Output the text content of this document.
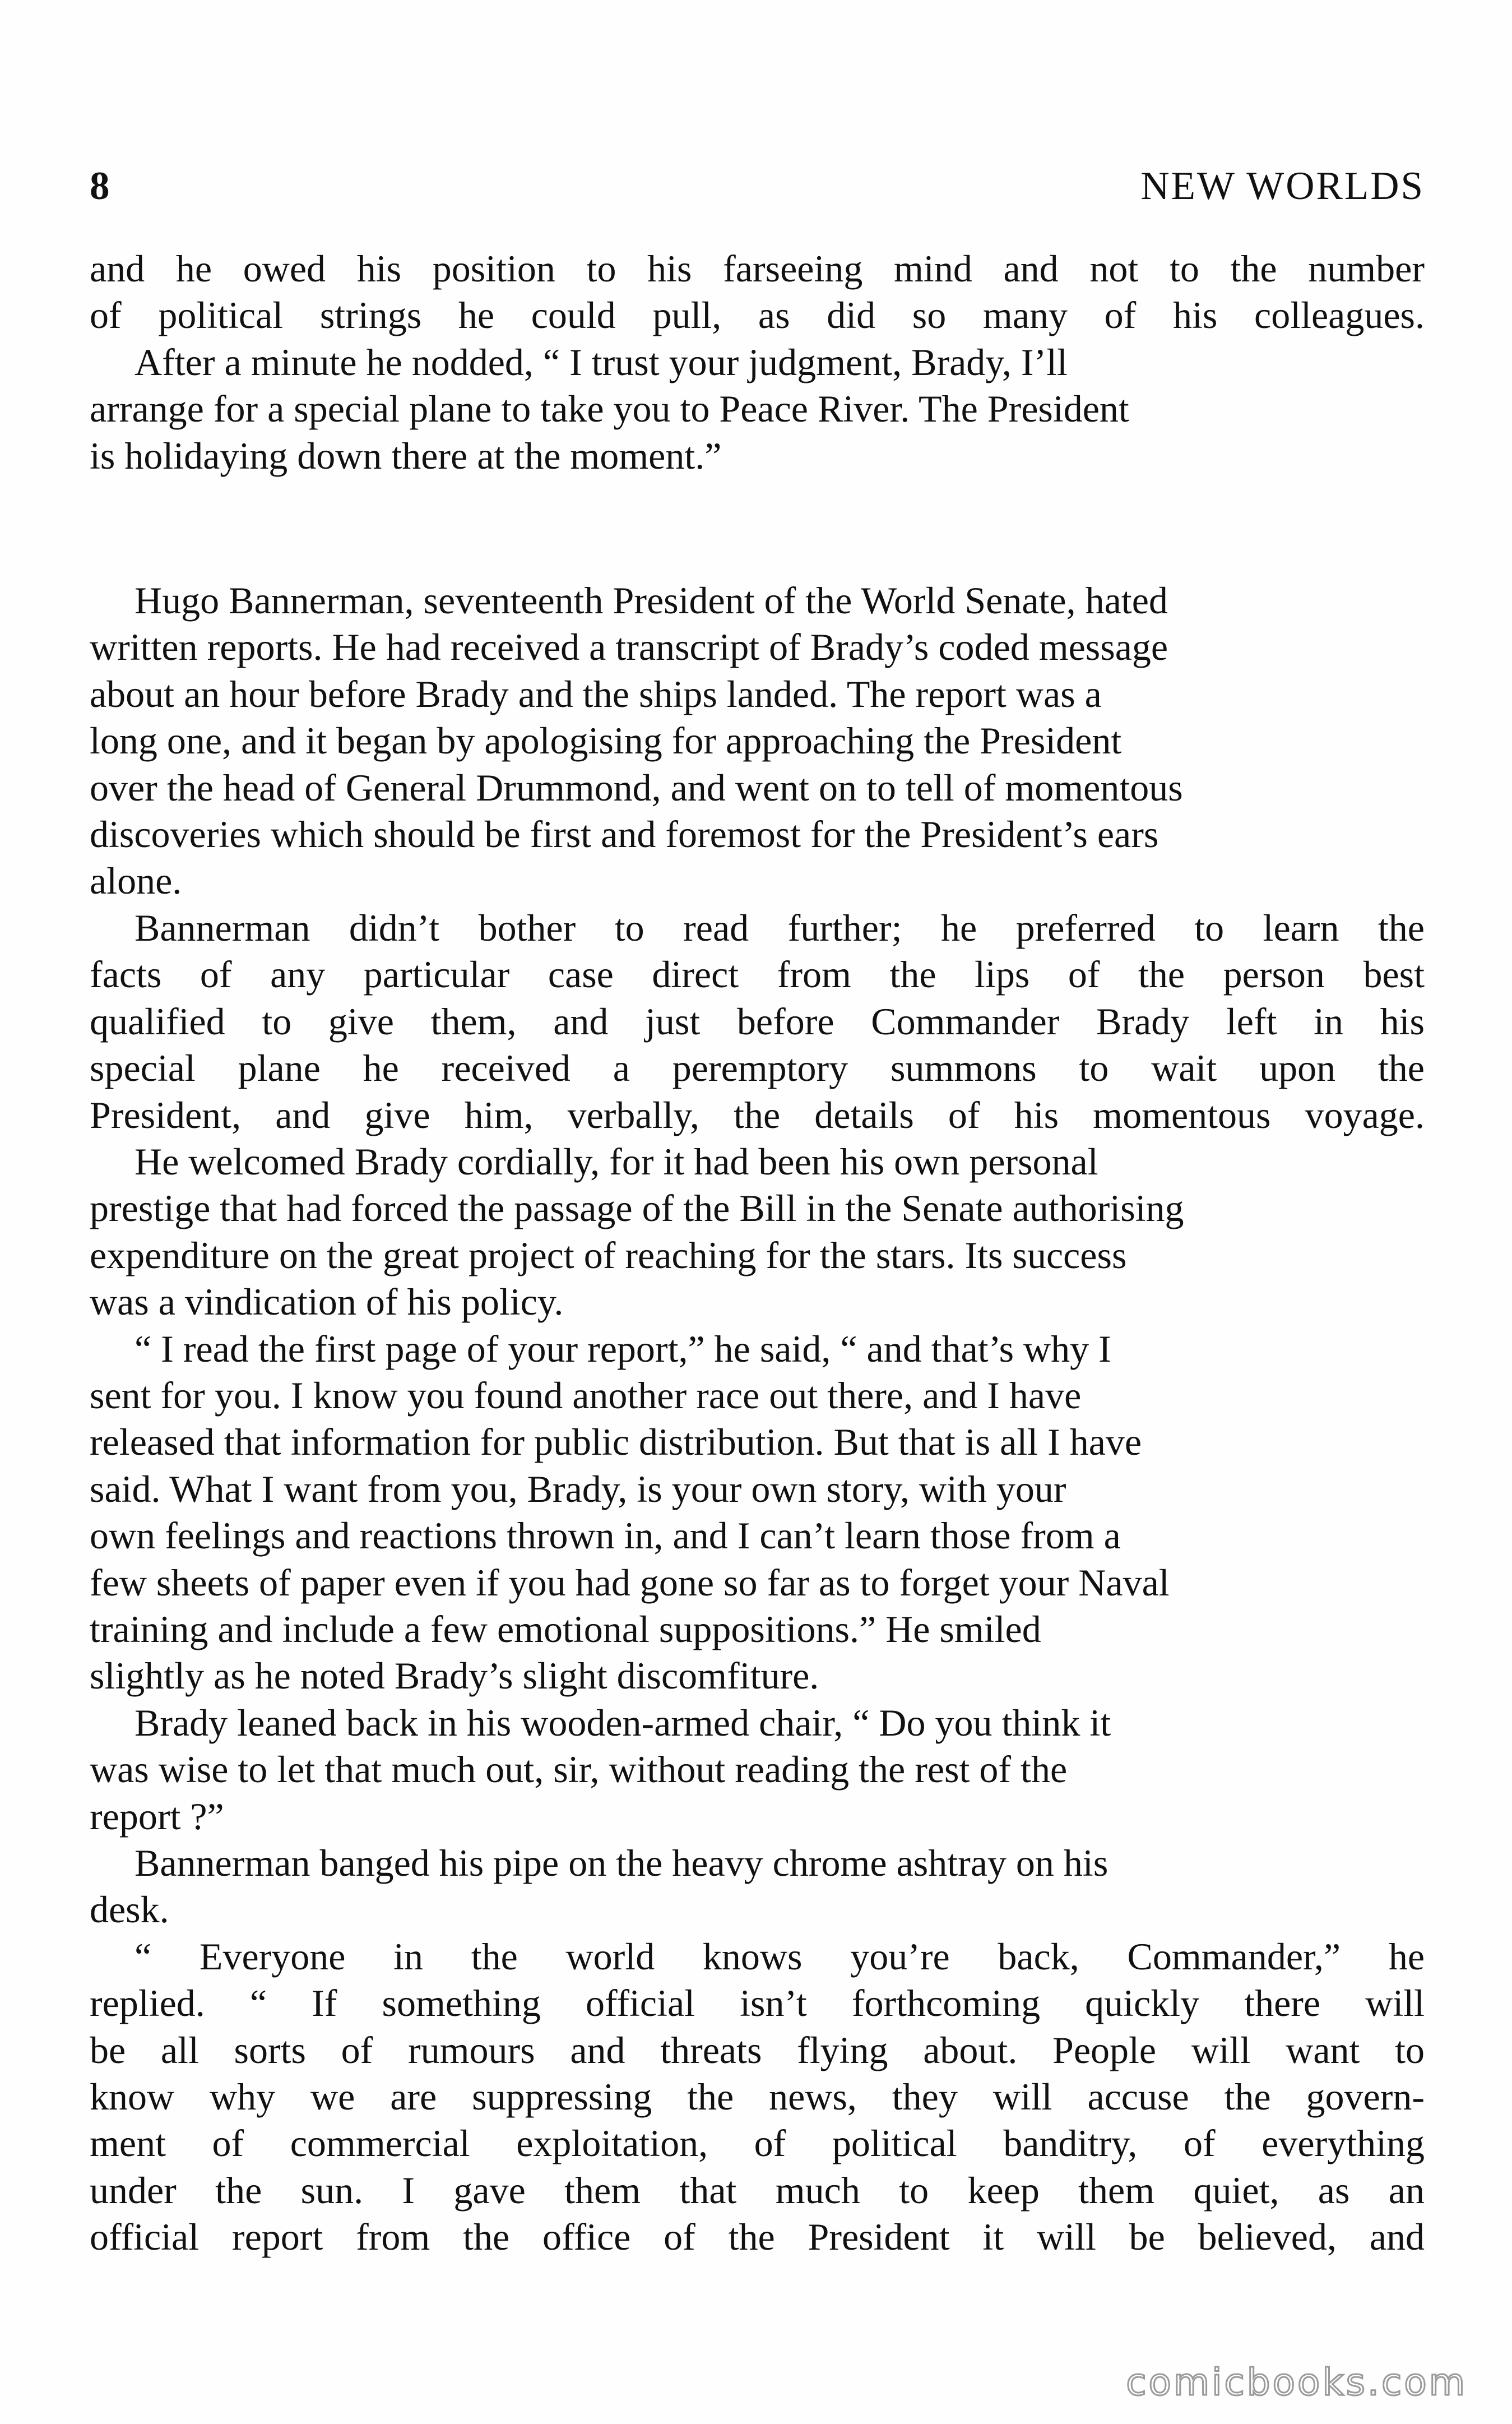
8	NEW WORLDS

and he owed his position to his farseeing mind and not to the number
of political strings he could pull, as did so many of his colleagues.

After a minute he nodded, “ I trust your judgment, Brady, I’ll
arrange for a special plane to take you to Peace River. The President
is holidaying down there at the moment.”

Hugo Bannerman, seventeenth President of the World Senate, hated
written reports. He had received a transcript of Brady’s coded message
about an hour before Brady and the ships landed. The report was a
long one, and it began by apologising for approaching the President
over the head of General Drummond, and went on to tell of momentous
discoveries which should be first and foremost for the President’s ears
alone.

Bannerman didn’t bother to read further; he preferred to learn the
facts of any particular case direct from the lips of the person best
qualified to give them, and just before Commander Brady left in his
special plane he received a peremptory summons to wait upon the
President, and give him, verbally, the details of his momentous voyage.

He welcomed Brady cordially, for it had been his own personal
prestige that had forced the passage of the Bill in the Senate authorising
expenditure on the great project of reaching for the stars. Its success
was a vindication of his policy.

“ I read the first page of your report,” he said, “ and that’s why I
sent for you. I know you found another race out there, and I have
released that information for public distribution. But that is all I have
said. What I want from you, Brady, is your own story, with your
own feelings and reactions thrown in, and I can’t learn those from a
few sheets of paper even if you had gone so far as to forget your Naval
training and include a few emotional suppositions.” He smiled
slightly as he noted Brady’s slight discomfiture.

Brady leaned back in his wooden-armed chair, “ Do you think it
was wise to let that much out, sir, without reading the rest of the
report ?”

Bannerman banged his pipe on the heavy chrome ashtray on his
desk.

“ Everyone in the world knows you’re back, Commander,” he
replied. “ If something official isn’t forthcoming quickly there will
be all sorts of rumours and threats flying about. People will want to
know why we are suppressing the news, they will accuse the govern-
ment of commercial exploitation, of political banditry, of everything
under the sun. I gave them that much to keep them quiet, as an
official report from the office of the President it will be believed, and

comicbooks.com
